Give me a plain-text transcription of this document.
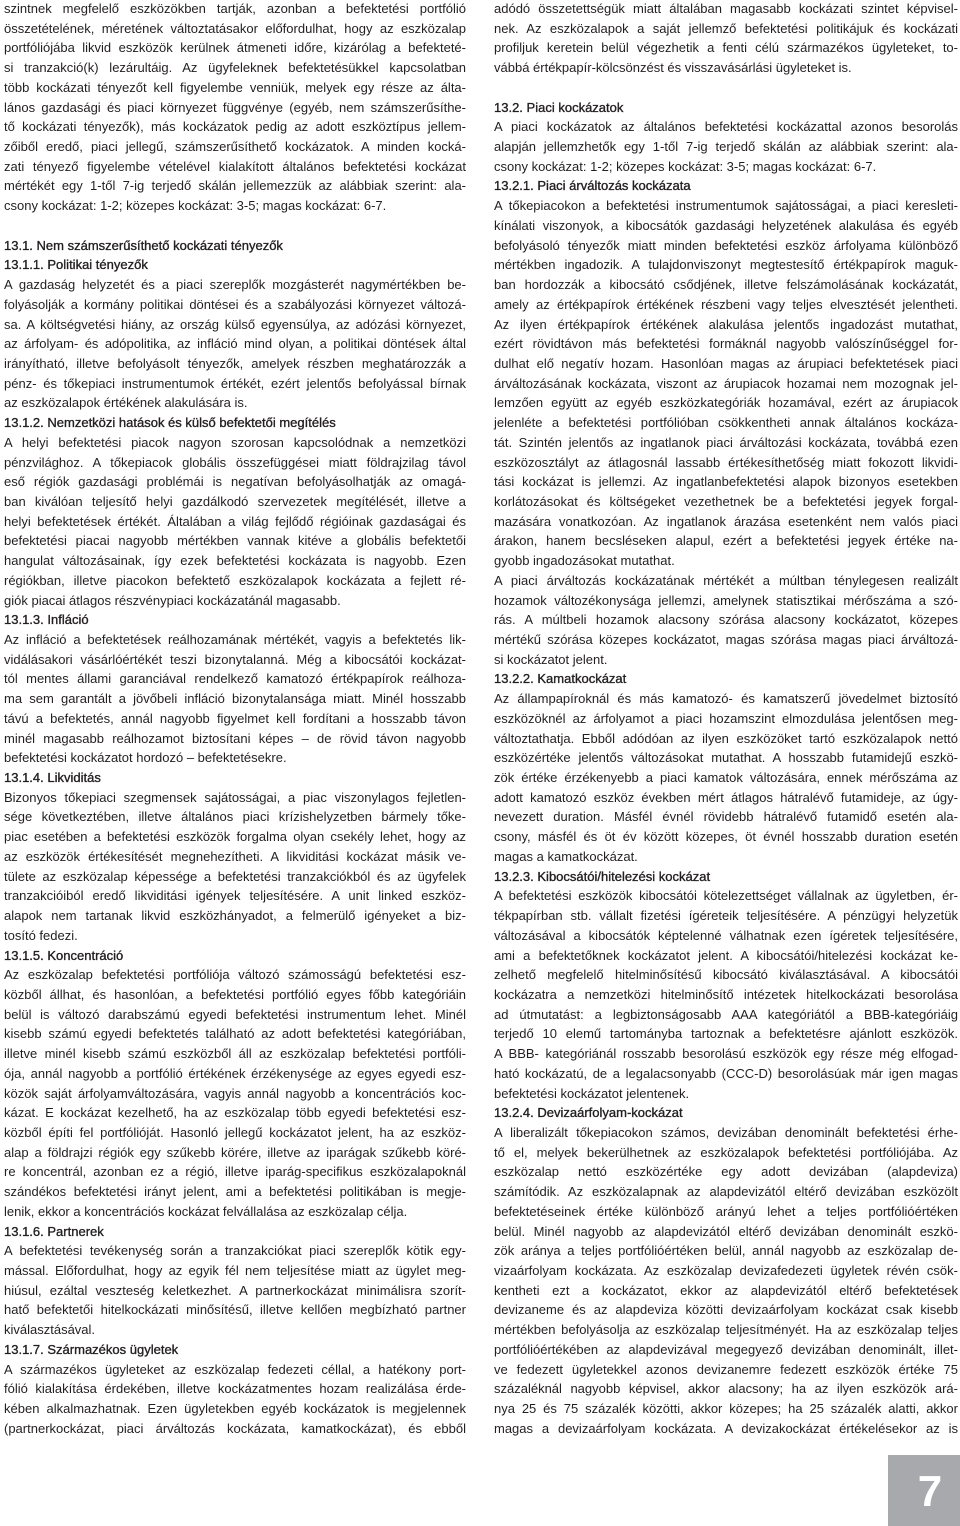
szintnek megfelelő eszközökben tartják, azonban a befektetési portfólió
összetételének, méretének változtatásakor előfordulhat, hogy az eszközalap
portfóliójába likvid eszközök kerülnek átmeneti időre, kizárólag a befekteté-
si tranzakció(k) lezárultáig. Az ügyfeleknek befektetésükkel kapcsolatban
több kockázati tényezőt kell figyelembe venniük, melyek egy része az álta-
lános gazdasági és piaci környezet függvénye (egyéb, nem számszerűsíthe-
tő kockázati tényezők), más kockázatok pedig az adott eszköztípus jellem-
zőiből eredő, piaci jellegű, számszerűsíthető kockázatok. A minden kocká-
zati tényező figyelembe vételével kialakított általános befektetési kockázat
mértékét egy 1-től 7-ig terjedő skálán jellemezzük az alábbiak szerint: ala-
csony kockázat: 1-2; közepes kockázat: 3-5; magas kockázat: 6-7.
13.1. Nem számszerűsíthető kockázati tényezők
13.1.1. Politikai tényezők
A gazdaság helyzetét és a piaci szereplők mozgásterét nagymértékben be-
folyásolják a kormány politikai döntései és a szabályozási környezet változá-
sa. A költségvetési hiány, az ország külső egyensúlya, az adózási környezet,
az árfolyam- és adópolitika, az infláció mind olyan, a politikai döntések által
irányítható, illetve befolyásolt tényezők, amelyek részben meghatározzák a
pénz- és tőkepiaci instrumentumok értékét, ezért jelentős befolyással bírnak
az eszközalapok értékének alakulására is.
13.1.2. Nemzetközi hatások és külső befektetői megítélés
A helyi befektetési piacok nagyon szorosan kapcsolódnak a nemzetközi
pénzvilághoz. A tőkepiacok globális összefüggései miatt földrajzilag távol
eső régiók gazdasági problémái is negatívan befolyásolhatják az omagá-
ban kiválóan teljesítő helyi gazdálkodó szervezetek megítélését, illetve a
helyi befektetések értékét. Általában a világ fejlődő régióinak gazdaságai és
befektetési piacai nagyobb mértékben vannak kitéve a globális befektetői
hangulat változásainak, így ezek befektetési kockázata is nagyobb. Ezen
régiókban, illetve piacokon befektető eszközalapok kockázata a fejlett ré-
giók piacai átlagos részvénypiaci kockázatánál magasabb.
13.1.3. Infláció
Az infláció a befektetések reálhozamának mértékét, vagyis a befektetés lik-
vidálásakori vásárlóértékét teszi bizonytalanná. Még a kibocsátói kockázat-
tól mentes állami garanciával rendelkező kamatozó értékpapírok reálhoza-
ma sem garantált a jövőbeli infláció bizonytalansága miatt. Minél hosszabb
távú a befektetés, annál nagyobb figyelmet kell fordítani a hosszabb távon
minél magasabb reálhozamot biztosítani képes – de rövid távon nagyobb
befektetési kockázatot hordozó – befektetésekre.
13.1.4. Likviditás
Bizonyos tőkepiaci szegmensek sajátosságai, a piac viszonylagos fejletlen-
sége következtében, illetve általános piaci krízishelyzetben bármely tőke-
piac esetében a befektetési eszközök forgalma olyan csekély lehet, hogy az
az eszközök értékesítését megnehezítheti. A likviditási kockázat másik ve-
tülete az eszközalap képessége a befektetési tranzakciókból és az ügyfelek
tranzakcióiból eredő likviditási igények teljesítésére. A unit linked eszköz-
alapok nem tartanak likvid eszközhányadot, a felmerülő igényeket a biz-
tosító fedezi.
13.1.5. Koncentráció
Az eszközalap befektetési portfóliója változó számosságú befektetési esz-
közből állhat, és hasonlóan, a befektetési portfólió egyes főbb kategóriáin
belül is változó darabszámú egyedi befektetési instrumentum lehet. Minél
kisebb számú egyedi befektetés található az adott befektetési kategóriában,
illetve minél kisebb számú eszközből áll az eszközalap befektetési portfóli-
ója, annál nagyobb a portfólió értékének érzékenysége az egyes egyedi esz-
közök saját árfolyamváltozására, vagyis annál nagyobb a koncentrációs koc-
kázat. E kockázat kezelhető, ha az eszközalap több egyedi befektetési esz-
közből építi fel portfólióját. Hasonló jellegű kockázatot jelent, ha az eszköz-
alap a földrajzi régiók egy szűkebb körére, illetve az iparágak szűkebb köré-
re koncentrál, azonban ez a régió, illetve iparág-specifikus eszközalapoknál
szándékos befektetési irányt jelent, ami a befektetési politikában is megje-
lenik, ekkor a koncentrációs kockázat felvállalása az eszközalap célja.
13.1.6. Partnerek
A befektetési tevékenység során a tranzakciókat piaci szereplők kötik egy-
mással. Előfordulhat, hogy az egyik fél nem teljesítése miatt az ügylet meg-
hiúsul, ezáltal veszteség keletkezhet. A partnerkockázat minimálisra szorít-
hatő befektetői hitelkockázati minősítésű, illetve kellően megbízható partner
kiválasztásával.
13.1.7. Származékos ügyletek
A származékos ügyleteket az eszközalap fedezeti céllal, a hatékony port-
fólió kialakítása érdekében, illetve kockázatmentes hozam realizálása érde-
kében alkalmazhatnak. Ezen ügyletekben egyéb kockázatok is megjelennek
(partnerkockázat, piaci árváltozás kockázata, kamatkockázat), és ebből
adódó összetettségük miatt általában magasabb kockázati szintet képvisel-
nek. Az eszközalapok a saját jellemző befektetési politikájuk és kockázati
profiljuk keretein belül végezhetik a fenti célú származékos ügyleteket, to-
vábbá értékpapír-kölcsönzést és visszavásárlási ügyleteket is.
13.2. Piaci kockázatok
A piaci kockázatok az általános befektetési kockázattal azonos besorolás
alapján jellemzhetők egy 1-től 7-ig terjedő skálán az alábbiak szerint: ala-
csony kockázat: 1-2; közepes kockázat: 3-5; magas kockázat: 6-7.
13.2.1. Piaci árváltozás kockázata
A tőkepiacokon a befektetési instrumentumok sajátosságai, a piaci keresleti-
kínálati viszonyok, a kibocsátók gazdasági helyzetének alakulása és egyéb
befolyásoló tényezők miatt minden befektetési eszköz árfolyama különböző
mértékben ingadozik. A tulajdonviszonyt megtestesítő értékpapírok maguk-
ban hordozzák a kibocsátó csődjének, illetve felszámolásának kockázatát,
amely az értékpapírok értékének részbeni vagy teljes elvesztését jelentheti.
Az ilyen értékpapírok értékének alakulása jelentős ingadozást mutathat,
ezért rövidtávon más befektetési formáknál nagyobb valószínűséggel for-
dulhat elő negatív hozam. Hasonlóan magas az árupiaci befektetések piaci
árváltozásának kockázata, viszont az árupiacok hozamai nem mozognak jel-
lemzően együtt az egyéb eszközkategóriák hozamával, ezért az árupiacok
jelenléte a befektetési portfólióban csökkentheti annak általános kockáza-
tát. Szintén jelentős az ingatlanok piaci árváltozási kockázata, továbbá ezen
eszközosztályt az átlagosnál lassabb értékesíthetőség miatt fokozott likvidi-
tási kockázat is jellemzi. Az ingatlanbefektetési alapok bizonyos esetekben
korlátozásokat és költségeket vezethetnek be a befektetési jegyek forgal-
mazására vonatkozóan. Az ingatlanok árazása esetenként nem valós piaci
árakon, hanem becsléseken alapul, ezért a befektetési jegyek értéke na-
gyobb ingadozásokat mutathat.
A piaci árváltozás kockázatának mértékét a múltban ténylegesen realizált
hozamok változékonysága jellemzi, amelynek statisztikai mérőszáma a szó-
rás. A múltbeli hozamok alacsony szórása alacsony kockázatot, közepes
mértékű szórása közepes kockázatot, magas szórása magas piaci árváltozá-
si kockázatot jelent.
13.2.2. Kamatkockázat
Az állampapíroknál és más kamatozó- és kamatszerű jövedelmet biztosító
eszközöknél az árfolyamot a piaci hozamszint elmozdulása jelentősen meg-
változtathatja. Ebből adódóan az ilyen eszközöket tartó eszközalapok nettó
eszközértéke jelentős változásokat mutathat. A hosszabb futamidejű eszkö-
zök értéke érzékenyebb a piaci kamatok változására, ennek mérőszáma az
adott kamatozó eszköz években mért átlagos hátralévő futamideje, az úgy-
nevezett duration. Másfél évnél rövidebb hátralévő futamidő esetén ala-
csony, másfél és öt év között közepes, öt évnél hosszabb duration esetén
magas a kamatkockázat.
13.2.3. Kibocsátói/hitelezési kockázat
A befektetési eszközök kibocsátói kötelezettséget vállalnak az ügyletben, ér-
tékpapírban stb. vállalt fizetési ígéreteik teljesítésére. A pénzügyi helyzetük
változásával a kibocsátók képtelenné válhatnak ezen ígéretek teljesítésére,
ami a befektetőknek kockázatot jelent. A kibocsátói/hitelezési kockázat ke-
zelhető megfelelő hitelminősítésű kibocsátó kiválasztásával. A kibocsátói
kockázatra a nemzetközi hitelminősítő intézetek hitelkockázati besorolása
ad útmutatást: a legbiztonságosabb AAA kategóriától a BBB-kategóriáig
terjedő 10 elemű tartományba tartoznak a befektetésre ajánlott eszközök.
A BBB- kategóriánál rosszabb besorolású eszközök egy része még elfogad-
ható kockázatú, de a legalacsonyabb (CCC-D) besorolásúak már igen magas
befektetési kockázatot jelentenek.
13.2.4. Devizaárfolyam-kockázat
A liberalizált tőkepiacokon számos, devizában denominált befektetési érhe-
tő el, melyek bekerülhetnek az eszközalapok befektetési portfóliójába. Az
eszközalap nettó eszközértéke egy adott devizában (alapdeviza)
számítódik. Az eszközalapnak az alapdevizától eltérő devizában eszközölt
befektetéseinek értéke különböző arányú lehet a teljes portfólióértéken
belül. Minél nagyobb az alapdevizától eltérő devizában denominált eszkö-
zök aránya a teljes portfólióértéken belül, annál nagyobb az eszközalap de-
vizaárfolyam kockázata. Az eszközalap devizafedezeti ügyletek révén csök-
kentheti ezt a kockázatot, ekkor az alapdevizától eltérő befektetések
devizaneme és az alapdeviza közötti devizaárfolyam kockázat csak kisebb
mértékben befolyásolja az eszközalap teljesítményét. Ha az eszközalap teljes
portfólióértékében az alapdevizával megegyező devizában denominált, illet-
ve fedezett ügyletekkel azonos devizanemre fedezett eszközök értéke 75
százaléknál nagyobb képvisel, akkor alacsony; ha az ilyen eszközök ará-
nya 25 és 75 százalék közötti, akkor közepes; ha 25 százalék alatti, akkor
magas a devizaárfolyam kockázata. A devizakockázat értékelésekor az is
7
